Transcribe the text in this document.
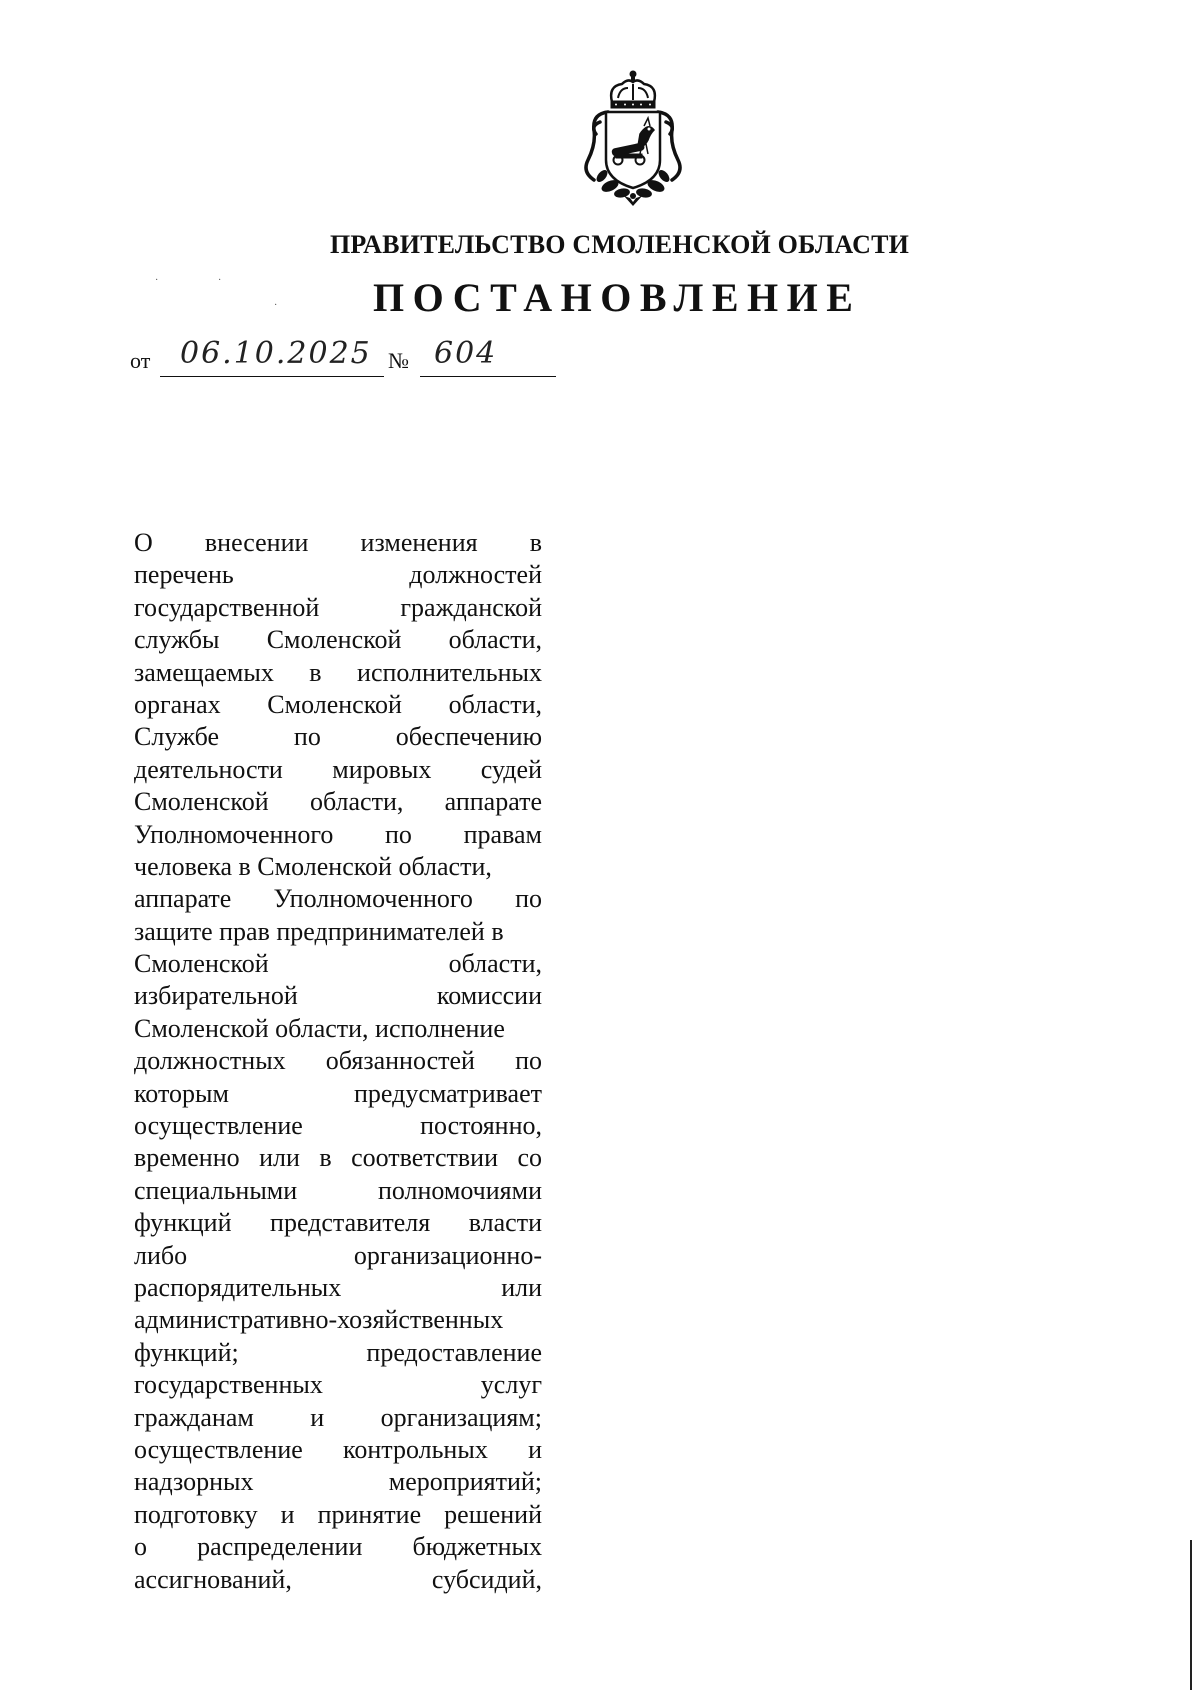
ПРАВИТЕЛЬСТВО СМОЛЕНСКОЙ ОБЛАСТИ
·	·
· ПОСТАНОВЛЕНИЕ
от 06.10.2025 № 604
О внесении изменения в
перечень должностей
государственной гражданской
службы Смоленской области,
замещаемых в исполнительных
органах Смоленской области,
Службе по обеспечению
деятельности мировых судей
Смоленской области, аппарате
Уполномоченного по правам
человека в Смоленской области,
аппарате Уполномоченного по
защите прав предпринимателей в
Смоленской области,
избирательной комиссии
Смоленской области, исполнение
должностных обязанностей по
которым предусматривает
осуществление постоянно,
временно или в соответствии со
специальными полномочиями
функций представителя власти
либо организационно-
распорядительных или
административно-хозяйственных
функций; предоставление
государственных услуг
гражданам и организациям;
осуществление контрольных и
надзорных мероприятий;
подготовку и принятие решений
о распределении бюджетных
ассигнований, субсидий,
